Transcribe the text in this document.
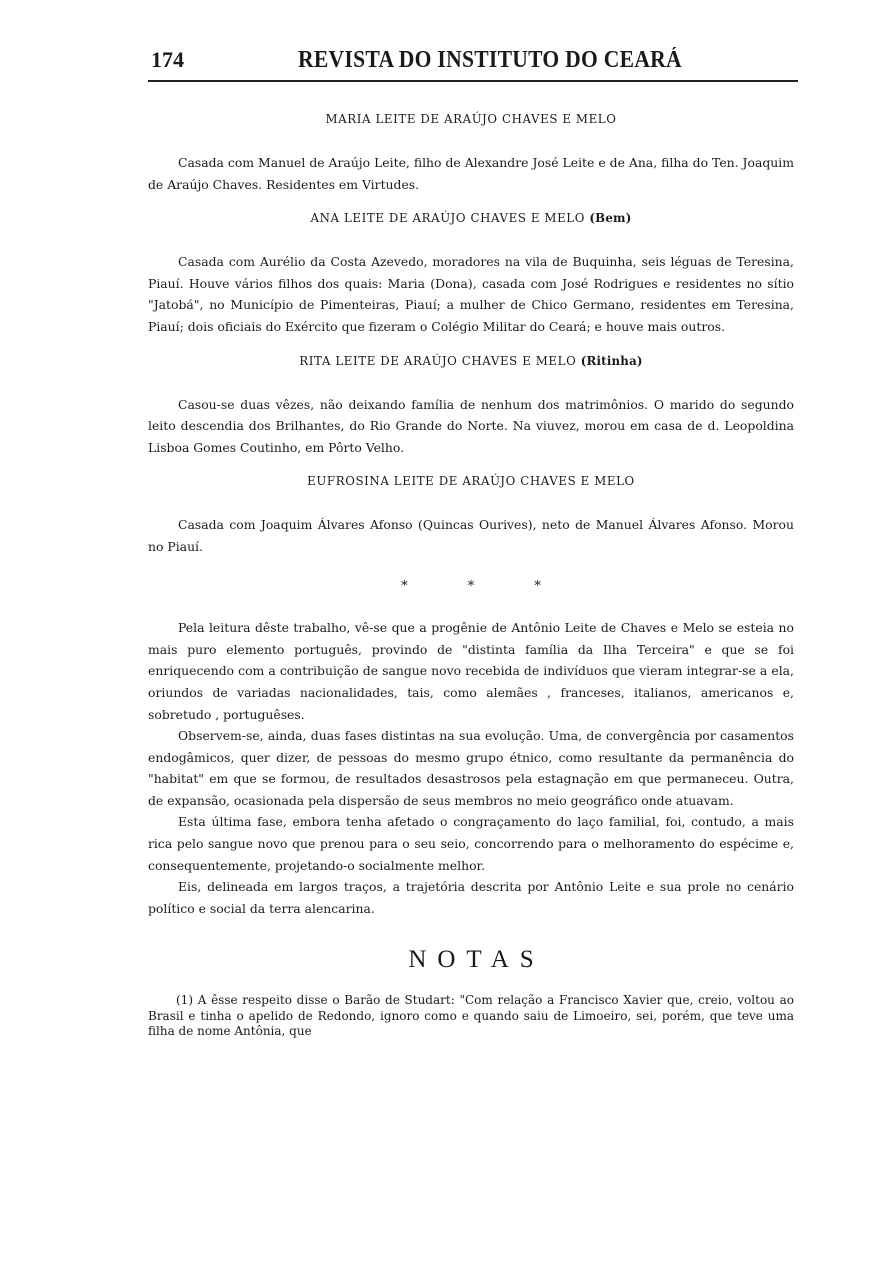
174	REVISTA DO INSTITUTO DO CEARÁ
MARIA LEITE DE ARAÚJO CHAVES E MELO

Casada com Manuel de Araújo Leite, filho de Alexandre José Leite e de Ana, filha do Ten. Joaquim de Araújo Chaves. Residentes em Virtudes.

ANA LEITE DE ARAÚJO CHAVES E MELO (Bem)

Casada com Aurélio da Costa Azevedo, moradores na vila de Buquinha, seis léguas de Teresina, Piauí. Houve vários filhos dos quais: Maria (Dona), casada com José Rodrigues e residentes no sítio "Jatobá", no Município de Pimenteiras, Piauí; a mulher de Chico Germano, residentes em Teresina, Piauí; dois oficiais do Exército que fizeram o Colégio Militar do Ceará; e houve mais outros.

RITA LEITE DE ARAÚJO CHAVES E MELO (Ritinha)

Casou-se duas vêzes, não deixando família de nenhum dos matrimônios. O marido do segundo leito descendia dos Brilhantes, do Rio Grande do Norte. Na viuvez, morou em casa de d. Leopoldina Lisboa Gomes Coutinho, em Pôrto Velho.

EUFROSINA LEITE DE ARAÚJO CHAVES E MELO

Casada com Joaquim Álvares Afonso (Quincas Ourives), neto de Manuel Álvares Afonso. Morou no Piauí.

* * *

Pela leitura dêste trabalho, vê-se que a progênie de Antônio Leite de Chaves e Melo se esteia no mais puro elemento português, provindo de "distinta família da Ilha Terceira" e que se foi enriquecendo com a contribuição de sangue novo recebida de indivíduos que vieram integrar-se a ela, oriundos de variadas nacionalidades, tais, como alemães , franceses, italianos, americanos e, sobretudo , portuguêses.

Observem-se, ainda, duas fases distintas na sua evolução. Uma, de convergência por casamentos endogâmicos, quer dizer, de pessoas do mesmo grupo étnico, como resultante da permanência do "habitat" em que se formou, de resultados desastrosos pela estagnação em que permaneceu. Outra, de expansão, ocasionada pela dispersão de seus membros no meio geográfico onde atuavam.

Esta última fase, embora tenha afetado o congraçamento do laço familial, foi, contudo, a mais rica pelo sangue novo que prenou para o seu seio, concorrendo para o melhoramento do espécime e, consequentemente, projetando-o socialmente melhor.

Eis, delineada em largos traços, a trajetória descrita por Antônio Leite e sua prole no cenário político e social da terra alencarina.

NOTAS

(1) A êsse respeito disse o Barão de Studart: "Com relação a Francisco Xavier que, creio, voltou ao Brasil e tinha o apelido de Redondo, ignoro como e quando saiu de Limoeiro, sei, porém, que teve uma filha de nome Antônia, que
